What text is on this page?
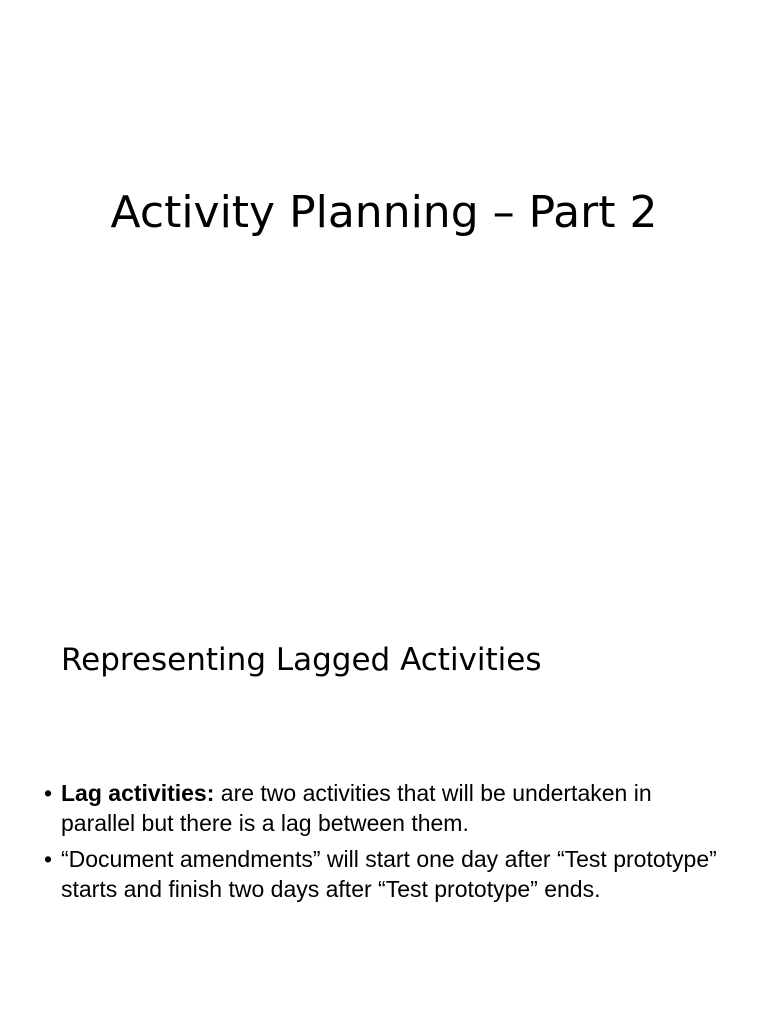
Activity Planning – Part 2
Representing Lagged Activities
• Lag activities: are two activities that will be undertaken in parallel but there is a lag between them.
• “Document amendments” will start one day after “Test prototype” starts and finish two days after “Test prototype” ends.
